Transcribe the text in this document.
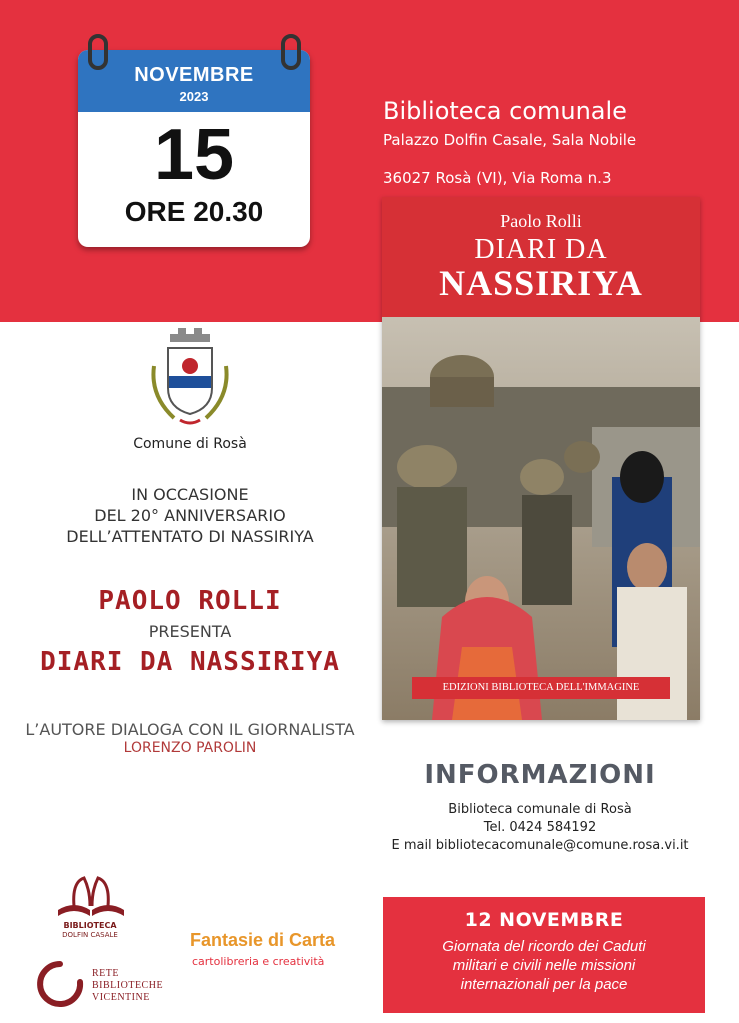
NOVEMBRE
2023
15
ORE 20.30
Biblioteca comunale
Palazzo Dolfin Casale, Sala Nobile
36027 Rosà (VI), Via Roma n.3
Paolo Rolli
DIARI DA
NASSIRIYA
EDIZIONI BIBLIOTECA DELL'IMMAGINE
Comune di Rosà
IN OCCASIONE
DEL 20° ANNIVERSARIO
DELL’ATTENTATO DI NASSIRIYA
PAOLO ROLLI
PRESENTA
DIARI DA NASSIRIYA
L’AUTORE DIALOGA CON IL GIORNALISTA
LORENZO PAROLIN
INFORMAZIONI
Biblioteca comunale di Rosà
Tel. 0424 584192
E mail bibliotecacomunale@comune.rosa.vi.it
12 NOVEMBRE
Giornata del ricordo dei Caduti
militari e civili nelle missioni
internazionali per la pace
BIBLIOTECA
DOLFIN CASALE
RETE
BIBLIOTECHE
VICENTINE
Fantasie di Carta
cartolibreria e creatività
